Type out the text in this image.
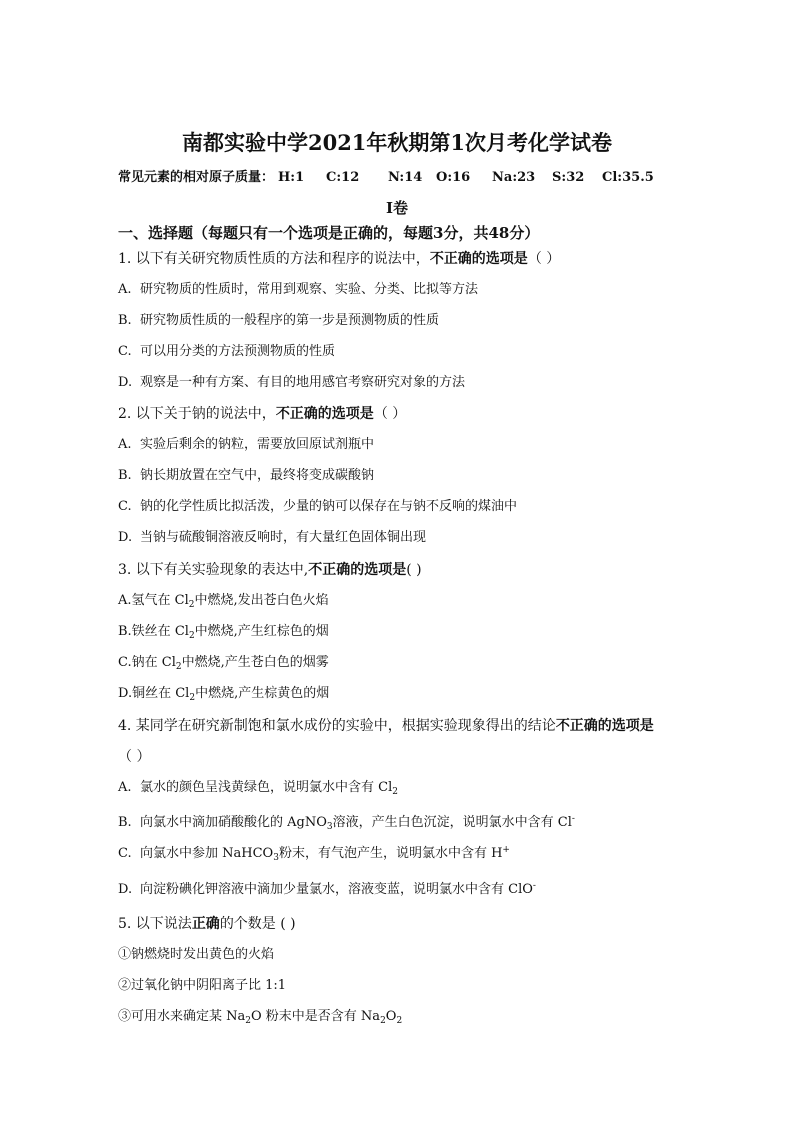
南都实验中学2021年秋期第1次月考化学试卷
常见元素的相对原子质量： H:1 C:12 N:14 O:16 Na:23 S:32 Cl:35.5
I卷
一、选择题（每题只有一个选项是正确的，每题3分，共48分）
1. 以下有关研究物质性质的方法和程序的说法中，不正确的选项是（ ）
A. 研究物质的性质时，常用到观察、实验、分类、比拟等方法
B. 研究物质性质的一般程序的第一步是预测物质的性质
C. 可以用分类的方法预测物质的性质
D. 观察是一种有方案、有目的地用感官考察研究对象的方法
2. 以下关于钠的说法中，不正确的选项是（ ）
A. 实验后剩余的钠粒，需要放回原试剂瓶中
B. 钠长期放置在空气中，最终将变成碳酸钠
C. 钠的化学性质比拟活泼，少量的钠可以保存在与钠不反响的煤油中
D. 当钠与硫酸铜溶液反响时，有大量红色固体铜出现
3. 以下有关实验现象的表达中,不正确的选项是( )
A.氢气在 $Cl_2$中燃烧,发出苍白色火焰
B.铁丝在 $Cl_2$中燃烧,产生红棕色的烟
C.钠在 $Cl_2$中燃烧,产生苍白色的烟雾
D.铜丝在 $Cl_2$中燃烧,产生棕黄色的烟
4. 某同学在研究新制饱和氯水成份的实验中，根据实验现象得出的结论不正确的选项是
（ ）
A. 氯水的颜色呈浅黄绿色，说明氯水中含有 $Cl_2$
B. 向氯水中滴加硝酸酸化的 AgNO$_3$溶液，产生白色沉淀，说明氯水中含有 Cl-
C. 向氯水中参加 NaHCO$_3$粉末，有气泡产生，说明氯水中含有 H+
D. 向淀粉碘化钾溶液中滴加少量氯水，溶液变蓝，说明氯水中含有 ClO-
5. 以下说法正确的个数是 ( )
①钠燃烧时发出黄色的火焰
②过氧化钠中阴阳离子比 1:1
③可用水来确定某 $Na_2O$ 粉末中是否含有 $Na_2O_2$
